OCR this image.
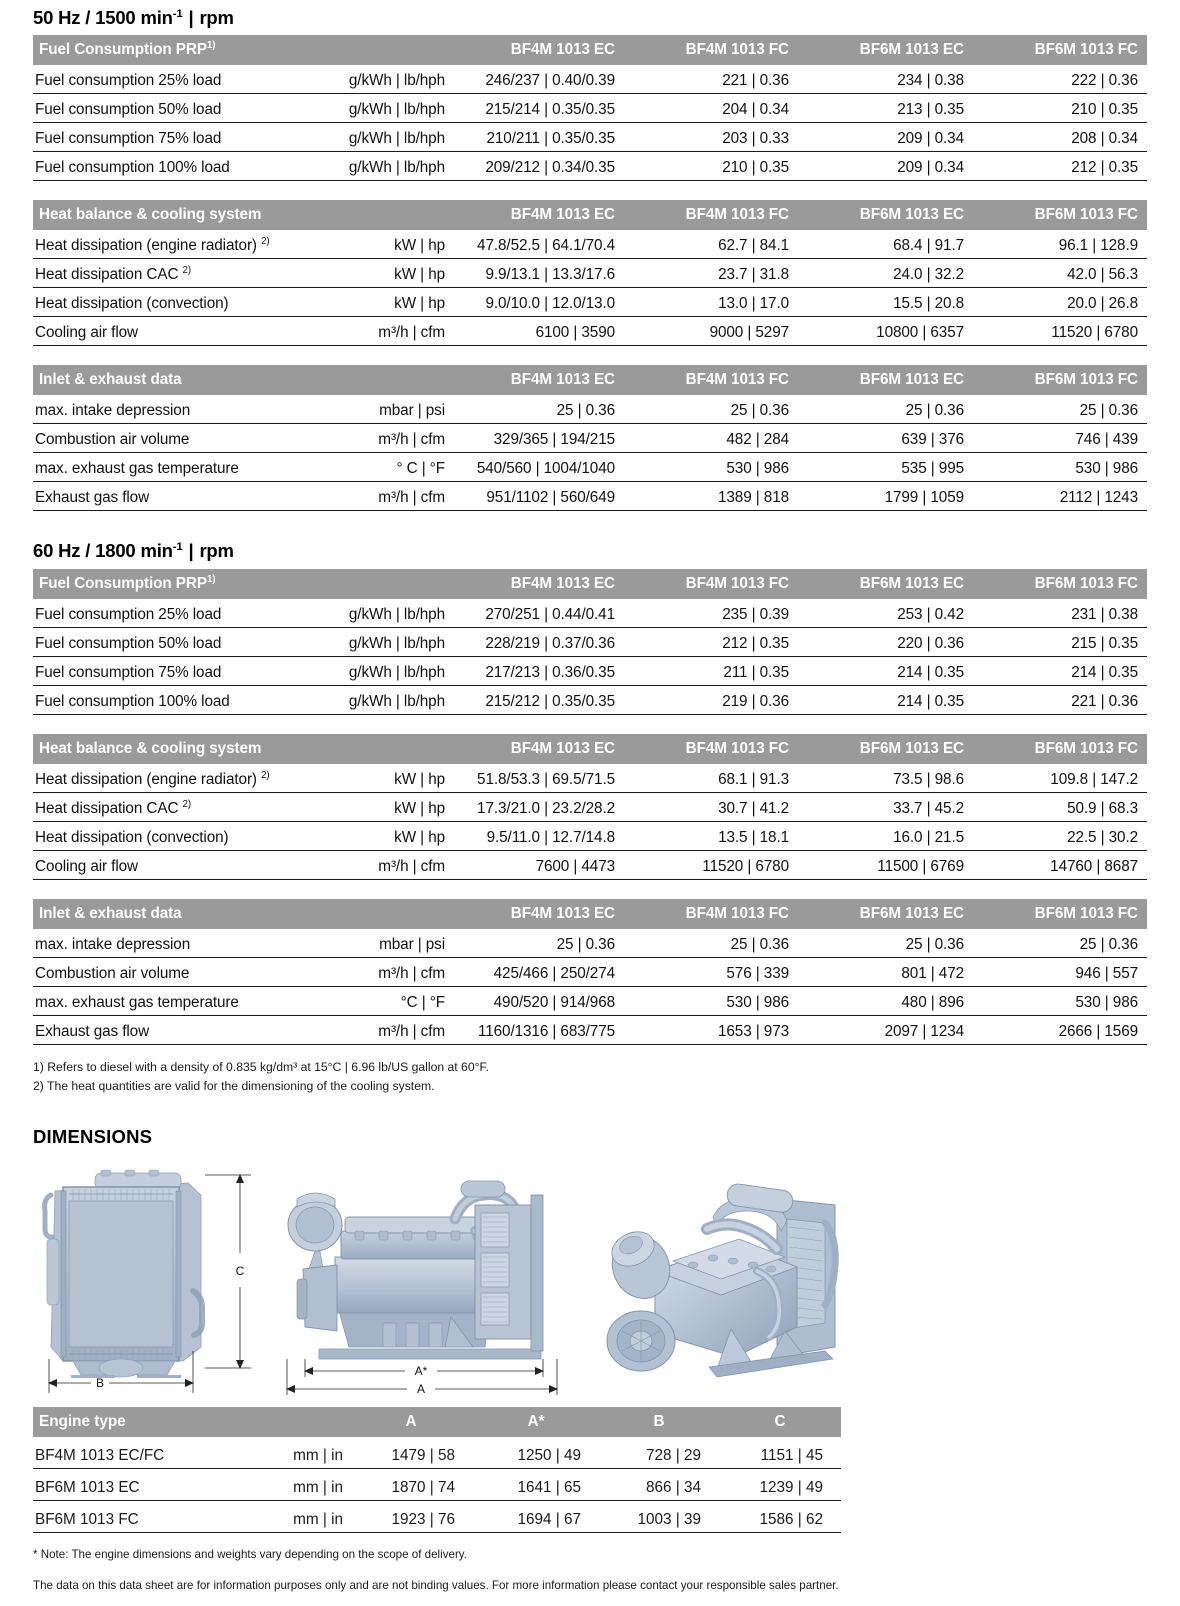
50 Hz / 1500 $\min^{-1}$ | rpm
Fuel Consumption PRP$^{1)}$		BF4M 1013 EC	BF4M 1013 FC	BF6M 1013 EC	BF6M 1013 FC
Fuel consumption 25% load	g/kWh | lb/hph	246/237 | 0.40/0.39	221 | 0.36	234 | 0.38	222 | 0.36
Fuel consumption 50% load	g/kWh | lb/hph	215/214 | 0.35/0.35	204 | 0.34	213 | 0.35	210 | 0.35
Fuel consumption 75% load	g/kWh | lb/hph	210/211 | 0.35/0.35	203 | 0.33	209 | 0.34	208 | 0.34
Fuel consumption 100% load	g/kWh | lb/hph	209/212 | 0.34/0.35	210 | 0.35	209 | 0.34	212 | 0.35
Heat balance & cooling system		BF4M 1013 EC	BF4M 1013 FC	BF6M 1013 EC	BF6M 1013 FC
Heat dissipation (engine radiator) $^{2)}$	kW | hp	47.8/52.5 | 64.1/70.4	62.7 | 84.1	68.4 | 91.7	96.1 | 128.9
Heat dissipation CAC $^{2)}$	kW | hp	9.9/13.1 | 13.3/17.6	23.7 | 31.8	24.0 | 32.2	42.0 | 56.3
Heat dissipation (convection)	kW | hp	9.0/10.0 | 12.0/13.0	13.0 | 17.0	15.5 | 20.8	20.0 | 26.8
Cooling air flow	m³/h | cfm	6100 | 3590	9000 | 5297	10800 | 6357	11520 | 6780
Inlet & exhaust data		BF4M 1013 EC	BF4M 1013 FC	BF6M 1013 EC	BF6M 1013 FC
max. intake depression	mbar | psi	25 | 0.36	25 | 0.36	25 | 0.36	25 | 0.36
Combustion air volume	m³/h | cfm	329/365 | 194/215	482 | 284	639 | 376	746 | 439
max. exhaust gas temperature	° C | °F	540/560 | 1004/1040	530 | 986	535 | 995	530 | 986
Exhaust gas flow	m³/h | cfm	951/1102 | 560/649	1389 | 818	1799 | 1059	2112 | 1243
60 Hz / 1800 $\min^{-1}$ | rpm
Fuel Consumption PRP$^{1)}$		BF4M 1013 EC	BF4M 1013 FC	BF6M 1013 EC	BF6M 1013 FC
Fuel consumption 25% load	g/kWh | lb/hph	270/251 | 0.44/0.41	235 | 0.39	253 | 0.42	231 | 0.38
Fuel consumption 50% load	g/kWh | lb/hph	228/219 | 0.37/0.36	212 | 0.35	220 | 0.36	215 | 0.35
Fuel consumption 75% load	g/kWh | lb/hph	217/213 | 0.36/0.35	211 | 0.35	214 | 0.35	214 | 0.35
Fuel consumption 100% load	g/kWh | lb/hph	215/212 | 0.35/0.35	219 | 0.36	214 | 0.35	221 | 0.36
Heat balance & cooling system		BF4M 1013 EC	BF4M 1013 FC	BF6M 1013 EC	BF6M 1013 FC
Heat dissipation (engine radiator) $^{2)}$	kW | hp	51.8/53.3 | 69.5/71.5	68.1 | 91.3	73.5 | 98.6	109.8 | 147.2
Heat dissipation CAC $^{2)}$	kW | hp	17.3/21.0 | 23.2/28.2	30.7 | 41.2	33.7 | 45.2	50.9 | 68.3
Heat dissipation (convection)	kW | hp	9.5/11.0 | 12.7/14.8	13.5 | 18.1	16.0 | 21.5	22.5 | 30.2
Cooling air flow	m³/h | cfm	7600 | 4473	11520 | 6780	11500 | 6769	14760 | 8687
Inlet & exhaust data		BF4M 1013 EC	BF4M 1013 FC	BF6M 1013 EC	BF6M 1013 FC
max. intake depression	mbar | psi	25 | 0.36	25 | 0.36	25 | 0.36	25 | 0.36
Combustion air volume	m³/h | cfm	425/466 | 250/274	576 | 339	801 | 472	946 | 557
max. exhaust gas temperature	°C | °F	490/520 | 914/968	530 | 986	480 | 896	530 | 986
Exhaust gas flow	m³/h | cfm	1160/1316 | 683/775	1653 | 973	2097 | 1234	2666 | 1569
1) Refers to diesel with a density of 0.835 kg/dm³ at 15°C | 6.96 lb/US gallon at 60°F.
2) The heat quantities are valid for the dimensioning of the cooling system.
DIMENSIONS
C
B
A*
A
Engine type		A	A*	B	C
BF4M 1013 EC/FC	mm | in	1479 | 58	1250 | 49	728 | 29	1151 | 45
BF6M 1013 EC	mm | in	1870 | 74	1641 | 65	866 | 34	1239 | 49
BF6M 1013 FC	mm | in	1923 | 76	1694 | 67	1003 | 39	1586 | 62

* Note: The engine dimensions and weights vary depending on the scope of delivery.

The data on this data sheet are for information purposes only and are not binding values. For more information please contact your responsible sales partner.
